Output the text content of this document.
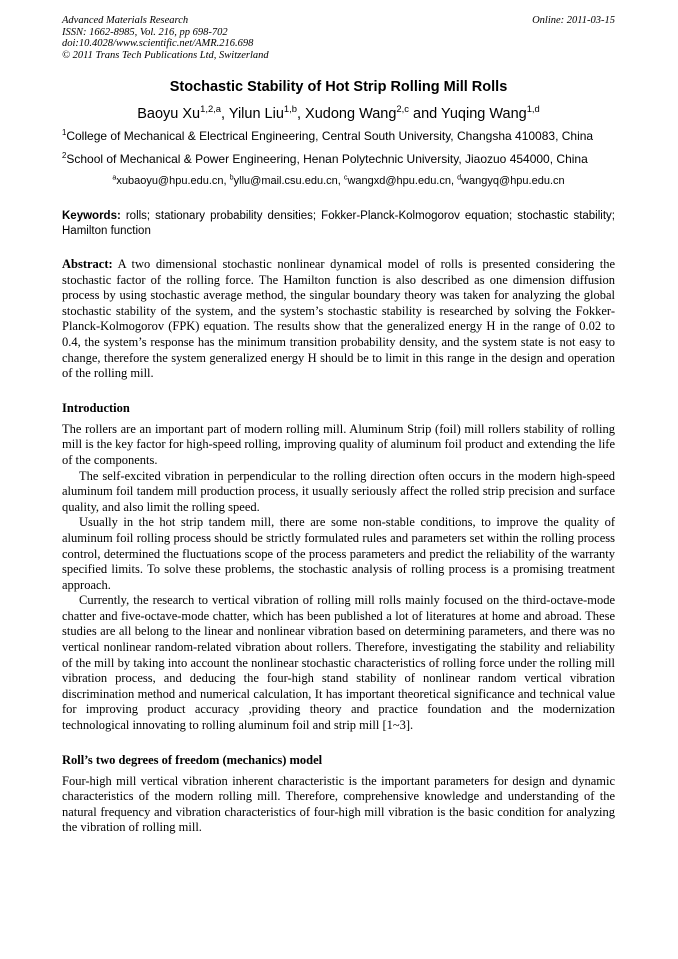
Advanced Materials Research
ISSN: 1662-8985, Vol. 216, pp 698-702
doi:10.4028/www.scientific.net/AMR.216.698
© 2011 Trans Tech Publications Ltd, Switzerland
Online: 2011-03-15
Stochastic Stability of Hot Strip Rolling Mill Rolls
Baoyu Xu$^{1,2,a}$, Yilun Liu$^{1,b}$, Xudong Wang$^{2,c}$ and Yuqing Wang$^{1,d}$
$^1$College of Mechanical & Electrical Engineering, Central South University, Changsha 410083, China
$^2$School of Mechanical & Power Engineering, Henan Polytechnic University, Jiaozuo 454000, China
$^a$xubaoyu@hpu.edu.cn, $^b$yllu@mail.csu.edu.cn, $^c$wangxd@hpu.edu.cn, $^d$wangyq@hpu.edu.cn
Keywords: rolls; stationary probability densities; Fokker-Planck-Kolmogorov equation; stochastic stability; Hamilton function
Abstract: A two dimensional stochastic nonlinear dynamical model of rolls is presented considering the stochastic factor of the rolling force. The Hamilton function is also described as one dimension diffusion process by using stochastic average method, the singular boundary theory was taken for analyzing the global stochastic stability of the system, and the system’s stochastic stability is researched by solving the Fokker-Planck-Kolmogorov (FPK) equation. The results show that the generalized energy H in the range of 0.02 to 0.4, the system’s response has the minimum transition probability density, and the system state is not easy to change, therefore the system generalized energy H should be to limit in this range in the design and operation of the rolling mill.
Introduction

The rollers are an important part of modern rolling mill. Aluminum Strip (foil) mill rollers stability of rolling mill is the key factor for high-speed rolling, improving quality of aluminum foil product and extending the life of the components.

The self-excited vibration in perpendicular to the rolling direction often occurs in the modern high-speed aluminum foil tandem mill production process, it usually seriously affect the rolled strip precision and surface quality, and also limit the rolling speed.

Usually in the hot strip tandem mill, there are some non-stable conditions, to improve the quality of aluminum foil rolling process should be strictly formulated rules and parameters set within the rolling process control, determined the fluctuations scope of the process parameters and predict the reliability of the warranty specified limits. To solve these problems, the stochastic analysis of rolling process is a promising treatment approach.

Currently, the research to vertical vibration of rolling mill rolls mainly focused on the third-octave-mode chatter and five-octave-mode chatter, which has been published a lot of literatures at home and abroad. These studies are all belong to the linear and nonlinear vibration based on determining parameters, and there was no vertical nonlinear random-related vibration about rollers. Therefore, investigating the stability and reliability of the mill by taking into account the nonlinear stochastic characteristics of rolling force under the rolling mill vibration process, and deducing the four-high stand stability of nonlinear random vertical vibration discrimination method and numerical calculation, It has important theoretical significance and technical value for improving product accuracy ,providing theory and practice foundation and the modernization technological innovating to rolling aluminum foil and strip mill [1~3].

Roll’s two degrees of freedom (mechanics) model

Four-high mill vertical vibration inherent characteristic is the important parameters for design and dynamic characteristics of the modern rolling mill. Therefore, comprehensive knowledge and understanding of the natural frequency and vibration characteristics of four-high mill vibration is the basic condition for analyzing the vibration of rolling mill.
